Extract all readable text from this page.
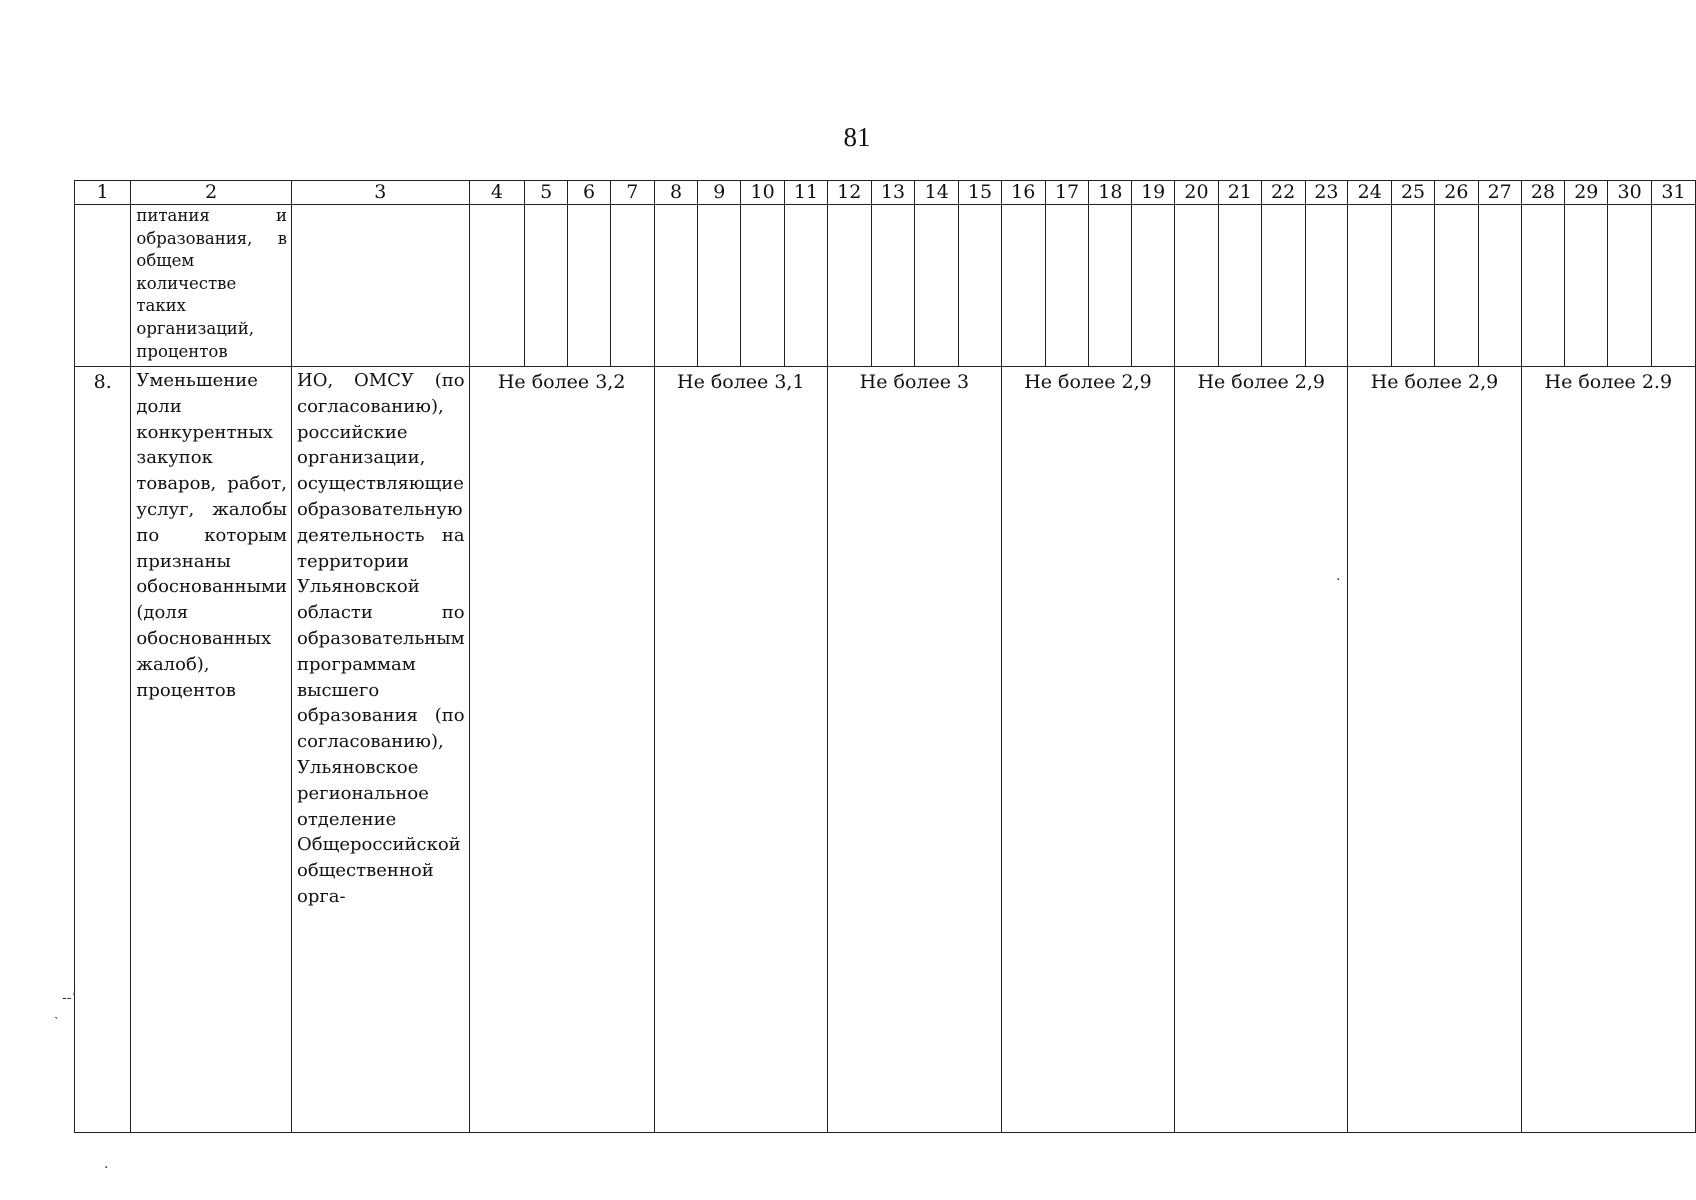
81
1	2	3	4	5	6	7	8	9	10	11	12	13	14	15	16	17	18	19	20	21	22	23	24	25	26	27	28	29	30	31

	питания и образования, в общем количестве таких организаций, процентов																													

8.	Уменьшение доли конкурентных закупок товаров, работ, услуг, жалобы по которым признаны обоснованными (доля обоснованных жалоб), процентов	ИО, ОМСУ (по согласованию), российские организации, осуществляющие образовательную деятельность на территории Ульяновской области по образовательным программам высшего образования (по согласованию), Ульяновское региональное отделение Общероссийской общественной орга-	Не более 3,2				Не более 3,1				Не более 3				Не более 2,9				Не более 2,9				Не более 2,9				Не более 2.9			
‑‑ʼ
ˏ
·
·
